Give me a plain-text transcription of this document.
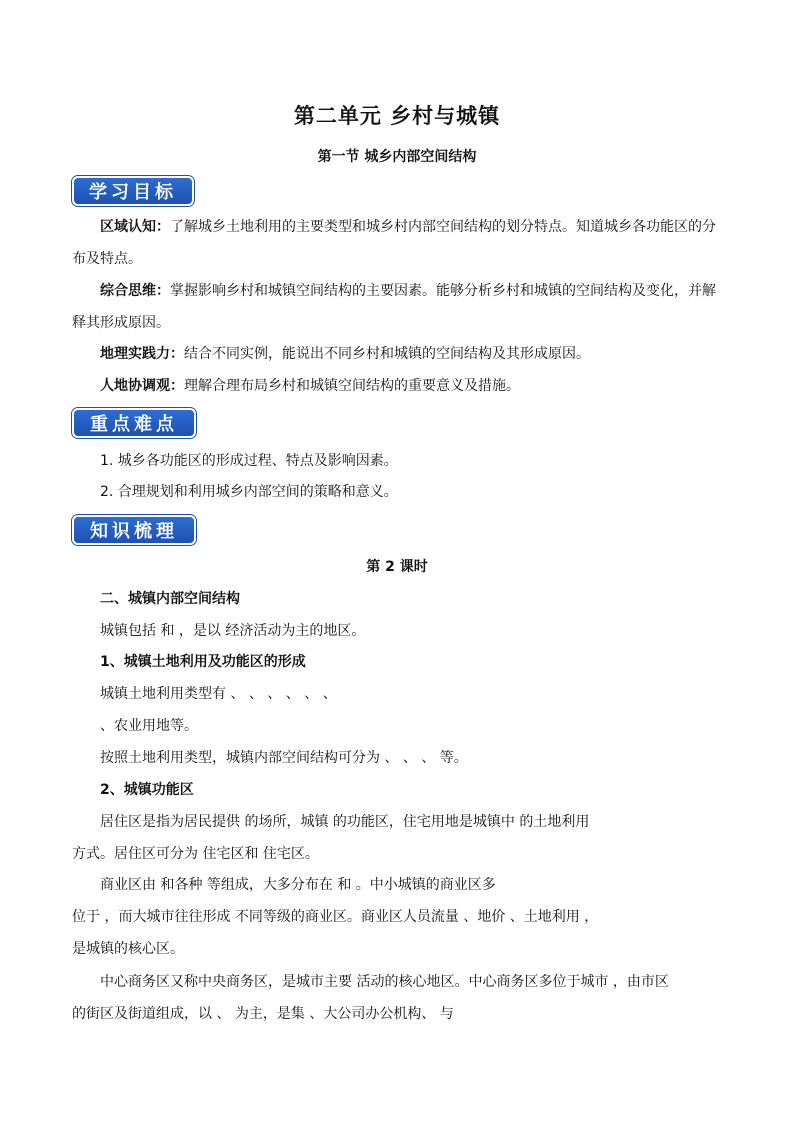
第二单元 乡村与城镇
第一节 城乡内部空间结构
学习目标
区域认知：了解城乡土地利用的主要类型和城乡村内部空间结构的划分特点。知道城乡各功能区的分
布及特点。
综合思维：掌握影响乡村和城镇空间结构的主要因素。能够分析乡村和城镇的空间结构及变化，并解
释其形成原因。
地理实践力：结合不同实例，能说出不同乡村和城镇的空间结构及其形成原因。
人地协调观：理解合理布局乡村和城镇空间结构的重要意义及措施。
重点难点
1. 城乡各功能区的形成过程、特点及影响因素。
2. 合理规划和利用城乡内部空间的策略和意义。
知识梳理
第 2 课时
二、城镇内部空间结构
城镇包括 和 ，是以 经济活动为主的地区。
1、城镇土地利用及功能区的形成
城镇土地利用类型有 、 、 、 、 、 、
、农业用地等。
按照土地利用类型，城镇内部空间结构可分为 、 、 、 等。
2、城镇功能区
居住区是指为居民提供 的场所，城镇 的功能区，住宅用地是城镇中 的土地利用
方式。居住区可分为 住宅区和 住宅区。
商业区由 和各种 等组成，大多分布在 和 。中小城镇的商业区多
位于 ，而大城市往往形成 不同等级的商业区。商业区人员流量 、地价 、土地利用 ，
是城镇的核心区。
中心商务区又称中央商务区，是城市主要 活动的核心地区。中心商务区多位于城市 ，由市区
的街区及街道组成，以 、 为主，是集 、大公司办公机构、 与
